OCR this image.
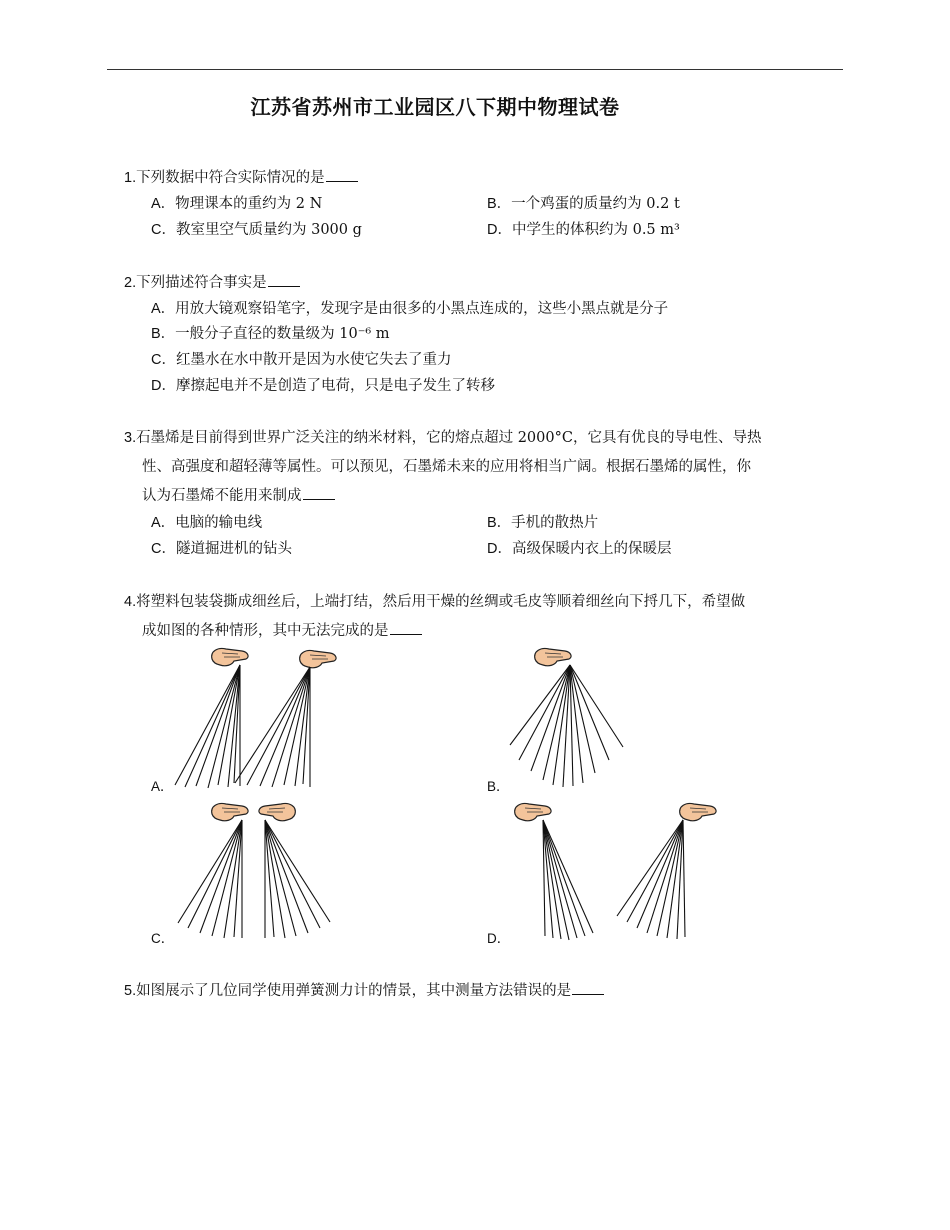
江苏省苏州市工业园区八下期中物理试卷
1.下列数据中符合实际情况的是
A．物理课本的重约为 2 N	B．一个鸡蛋的质量约为 0.2 t
C．教室里空气质量约为 3000 g	D．中学生的体积约为 0.5 m³
2.下列描述符合事实是
A．用放大镜观察铅笔字，发现字是由很多的小黑点连成的，这些小黑点就是分子
B．一般分子直径的数量级为 10⁻⁶ m
C．红墨水在水中散开是因为水使它失去了重力
D．摩擦起电并不是创造了电荷，只是电子发生了转移
3.石墨烯是目前得到世界广泛关注的纳米材料，它的熔点超过 2000°C，它具有优良的导电性、导热
性、高强度和超轻薄等属性。可以预见，石墨烯未来的应用将相当广阔。根据石墨烯的属性，你
认为石墨烯不能用来制成
A．电脑的输电线	B．手机的散热片
C．隧道掘进机的钻头	D．高级保暖内衣上的保暖层
4.将塑料包装袋撕成细丝后，上端打结，然后用干燥的丝绸或毛皮等顺着细丝向下捋几下，希望做
成如图的各种情形，其中无法完成的是
A．	B．
C．	D．
5.如图展示了几位同学使用弹簧测力计的情景，其中测量方法错误的是
